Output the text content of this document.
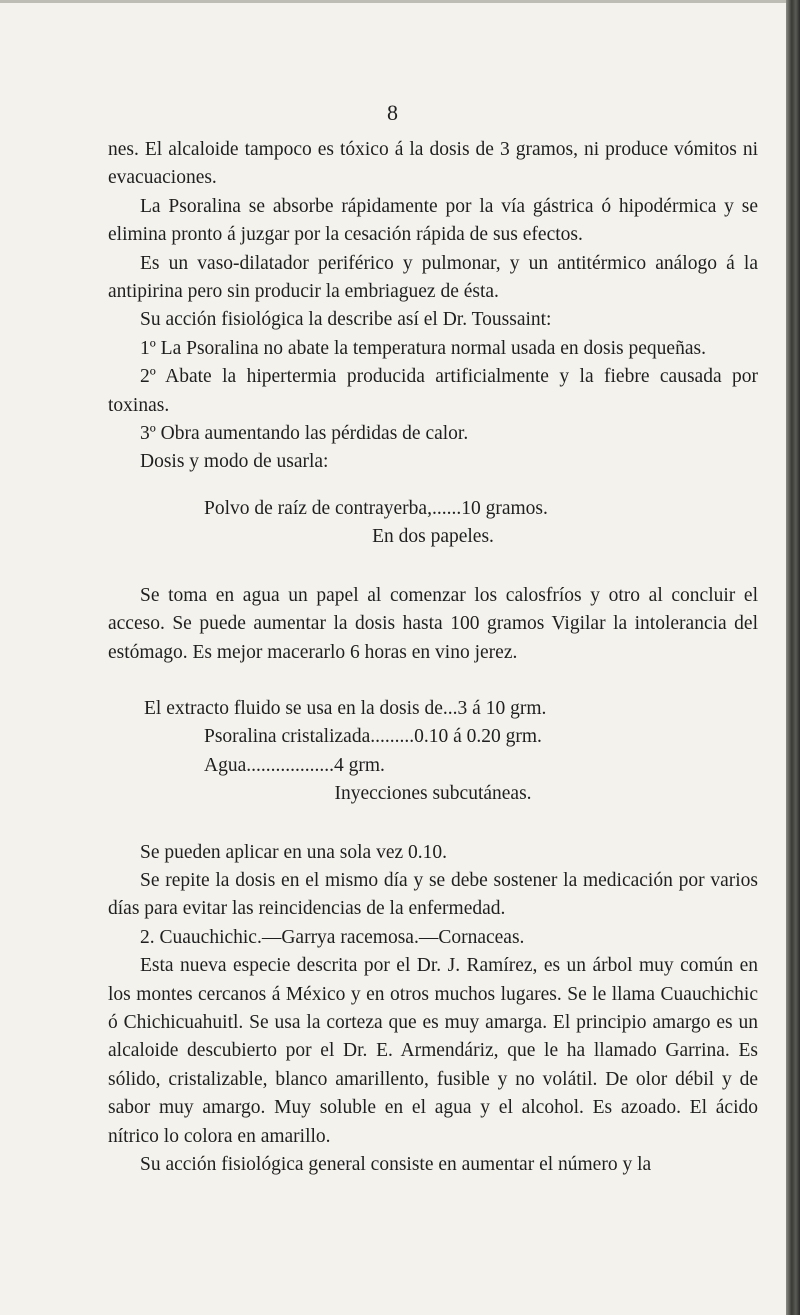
8

nes. El alcaloide tampoco es tóxico á la dosis de 3 gramos, ni produce vómitos ni evacuaciones.

La Psoralina se absorbe rápidamente por la vía gástrica ó hipodérmica y se elimina pronto á juzgar por la cesación rápida de sus efectos.

Es un vaso-dilatador periférico y pulmonar, y un antitérmico análogo á la antipirina pero sin producir la embriaguez de ésta.

Su acción fisiológica la describe así el Dr. Toussaint:

1º La Psoralina no abate la temperatura normal usada en dosis pequeñas.

2º Abate la hipertermia producida artificialmente y la fiebre causada por toxinas.

3º Obra aumentando las pérdidas de calor.

Dosis y modo de usarla:

Polvo de raíz de contrayerba,...... 10 gramos.

En dos papeles.

Se toma en agua un papel al comenzar los calosfríos y otro al concluir el acceso. Se puede aumentar la dosis hasta 100 gramos Vigilar la intolerancia del estómago. Es mejor macerarlo 6 horas en vino jerez.

El extracto fluido se usa en la dosis de... 3 á 10 grm.
Psoralina cristalizada......... 0.10 á 0.20 grm.
Agua.................. 4 grm.

Inyecciones subcutáneas.

Se pueden aplicar en una sola vez 0.10.

Se repite la dosis en el mismo día y se debe sostener la medicación por varios días para evitar las reincidencias de la enfermedad.

2. Cuauchichic.—Garrya racemosa.—Cornaceas.

Esta nueva especie descrita por el Dr. J. Ramírez, es un árbol muy común en los montes cercanos á México y en otros muchos lugares. Se le llama Cuauchichic ó Chichicuahuitl. Se usa la corteza que es muy amarga. El principio amargo es un alcaloide descubierto por el Dr. E. Armendáriz, que le ha llamado Garrina. Es sólido, cristalizable, blanco amarillento, fusible y no volátil. De olor débil y de sabor muy amargo. Muy soluble en el agua y el alcohol. Es azoado. El ácido nítrico lo colora en amarillo.

Su acción fisiológica general consiste en aumentar el número y la
